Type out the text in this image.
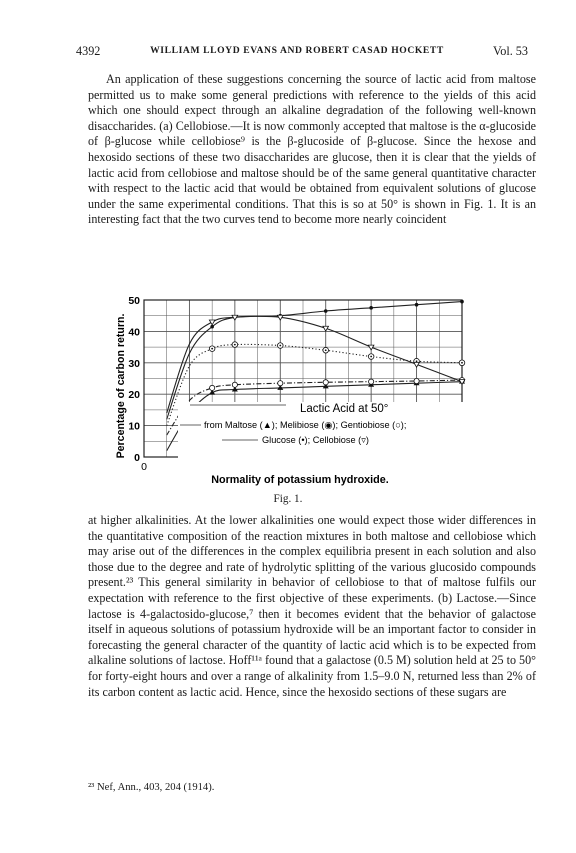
4392	WILLIAM LLOYD EVANS AND ROBERT CASAD HOCKETT	Vol. 53

An application of these suggestions concerning the source of lactic acid from maltose permitted us to make some general predictions with reference to the yields of this acid which one should expect through an alkaline degradation of the following well-known disaccharides. (a) Cellobiose.—It is now commonly accepted that maltose is the α-glucoside of β-glucose while cellobiose⁹ is the β-glucoside of β-glucose. Since the hexose and hexosido sections of these two disaccharides are glucose, then it is clear that the yields of lactic acid from cellobiose and maltose should be of the same general quantitative character with respect to the lactic acid that would be obtained from equivalent solutions of glucose under the same experimental conditions. That this is so at 50° is shown in Fig. 1. It is an interesting fact that the two curves tend to become more nearly coincident

0
0
10
20
30
40
50
Lactic Acid at 50°
from Maltose (▲); Melibiose (◉); Gentiobiose (○);
Glucose (•); Cellobiose (▿)
Percentage of carbon return.
Normality of potassium hydroxide.
Fig. 1.

at higher alkalinities. At the lower alkalinities one would expect those wider differences in the quantitative composition of the reaction mixtures in both maltose and cellobiose which may arise out of the differences in the complex equilibria present in each solution and also those due to the degree and rate of hydrolytic splitting of the various glucosido compounds present.²³ This general similarity in behavior of cellobiose to that of maltose fulfils our expectation with reference to the first objective of these experiments. (b) Lactose.—Since lactose is 4-galactosido-glucose,⁷ then it becomes evident that the behavior of galactose itself in aqueous solutions of potassium hydroxide will be an important factor to consider in forecasting the general character of the quantity of lactic acid which is to be expected from alkaline solutions of lactose. Hoff¹¹ᵃ found that a galactose (0.5 M) solution held at 25 to 50° for forty-eight hours and over a range of alkalinity from 1.5–9.0 N, returned less than 2% of its carbon content as lactic acid. Hence, since the hexosido sections of these sugars are

²³ Nef, Ann., 403, 204 (1914).
